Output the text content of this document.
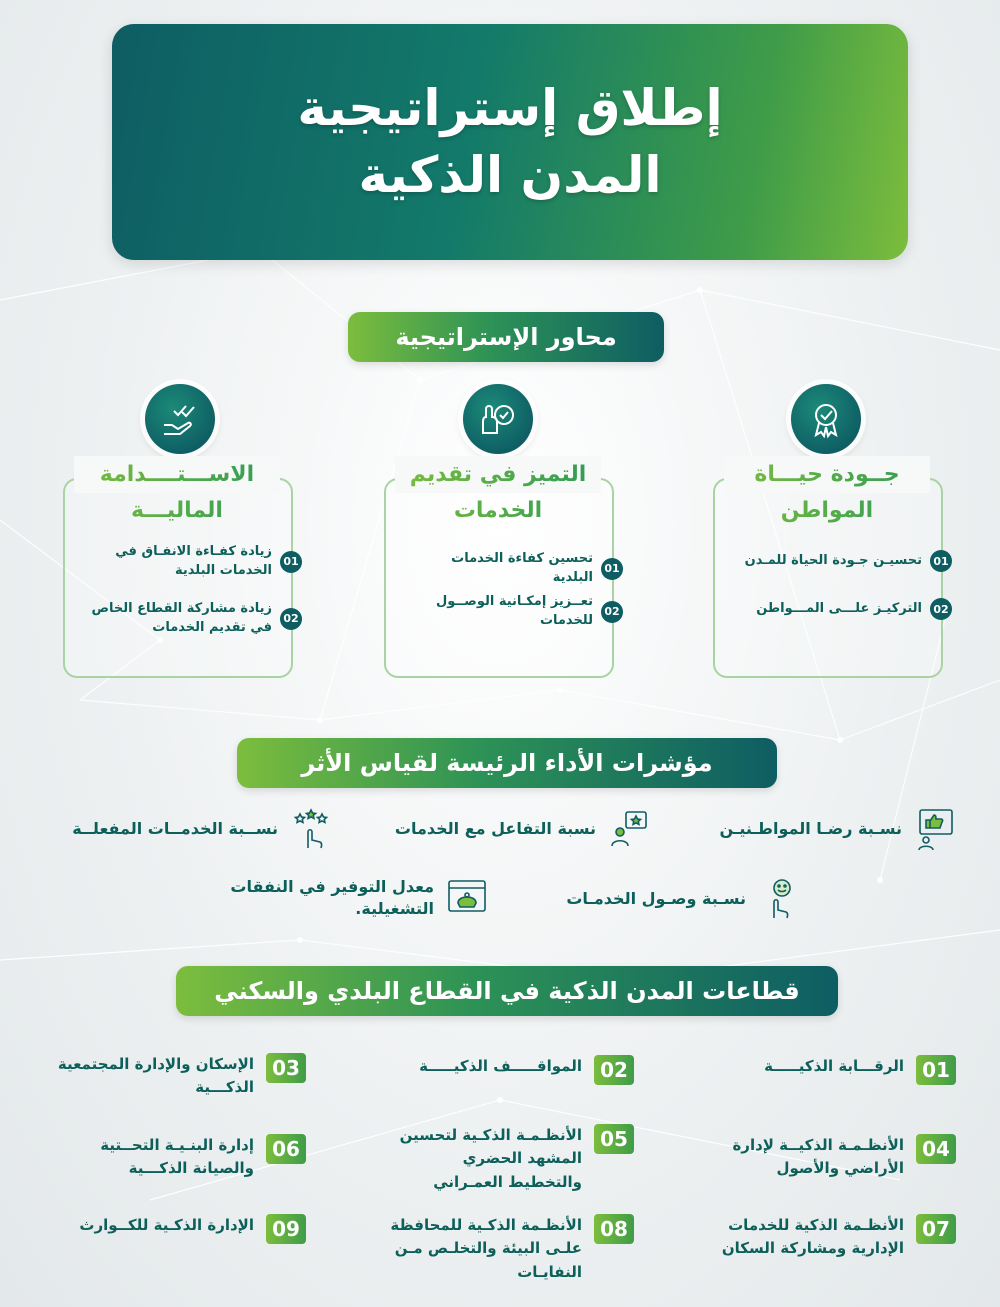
إطلاق إستراتيجية
المدن الذكية
محاور الإستراتيجية
جــودة حيـــاة
المواطن
01
تحسيـن جـودة الحياة للمـدن
02
التركيـز علـــى المـــواطن
التميز في تقديم
الخدمات
01
تحسين كفاءة الخدمات البلدية
02
تعــزيز إمكـانية الوصــول للخدمات
الاســـتــــدامة
الماليـــة
01
زيادة كفـاءة الانفـاق في الخدمات البلدية
02
زيادة مشاركة القطاع الخاص في تقديم الخدمات
مؤشرات الأداء الرئيسة لقياس الأثر
نسـبة رضـا المواطـنيـن
نسبة التفاعل مع الخدمات
نســبة الخدمــات المفعلــة
نسـبة وصـول الخدمـات
معدل التوفير في النفقات
التشغيلية.
قطاعات المدن الذكية في القطاع البلدي والسكني
01
الرقـــابة الذكيـــــة
04
الأنظـمـة الذكيــة لإدارة الأراضي والأصول
07
الأنظـمة الذكية للخدمات الإدارية ومشاركة السكان
02
المواقـــــف الذكيـــــة
05
الأنظـمـة الذكـية لتحسين المشهد الحضري والتخطيط العمـراني
08
الأنظـمة الذكـية للمحافظة علـى البيئة والتخلـص مـن النفايـات
03
الإسكان والإدارة المجتمعية الذكـــية
06
إدارة البنـيـة التحــتية والصيانة الذكـــية
09
الإدارة الذكـية للكــوارث
